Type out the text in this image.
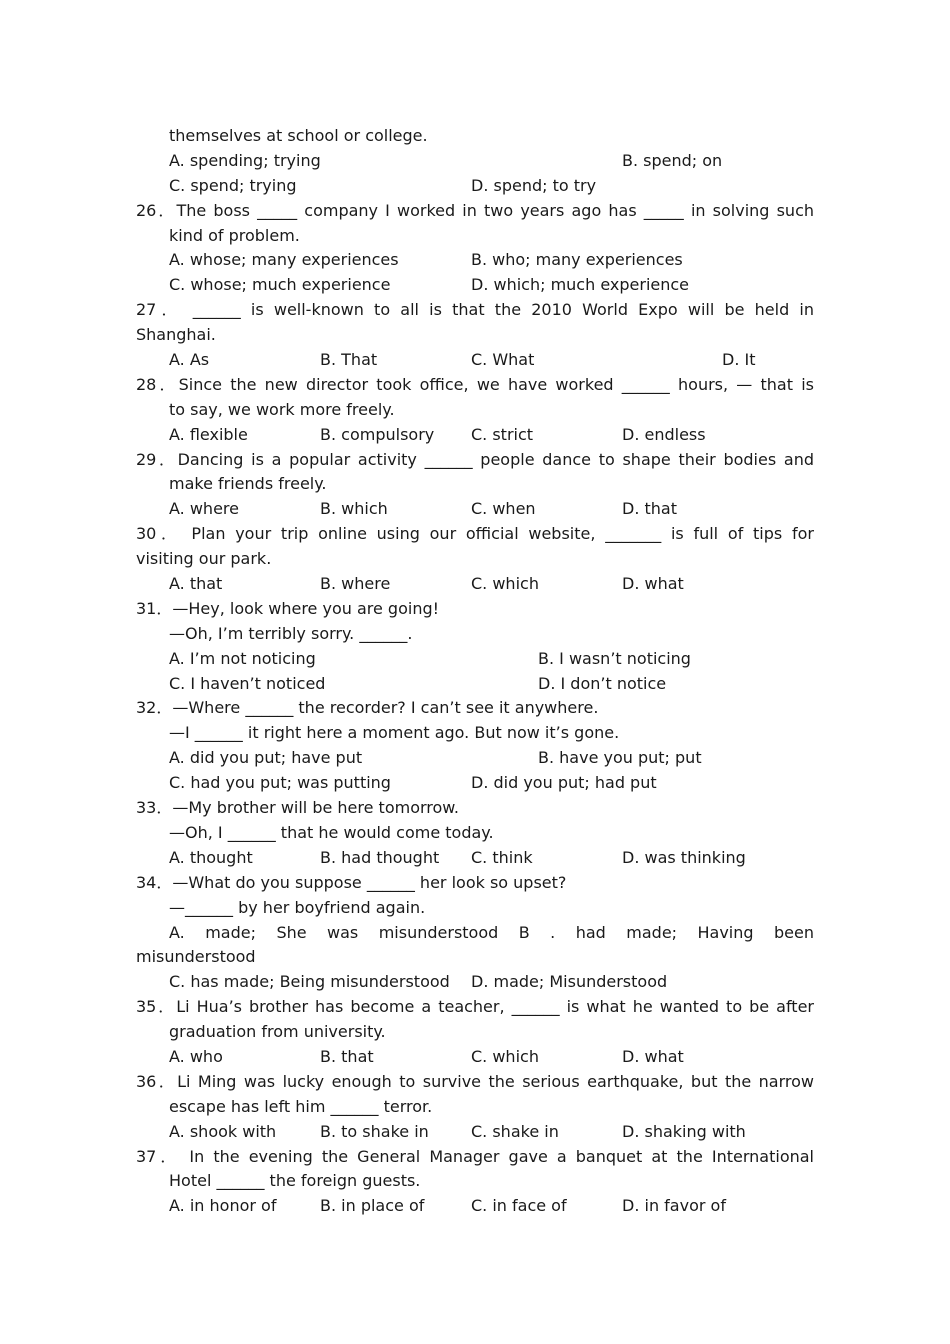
themselves at school or college.
A. spending; trying	B. spend; on
C. spend; trying	D. spend; to try
26．The boss _____ company I worked in two years ago has _____ in solving such
kind of problem.
A. whose; many experiences	B. who; many experiences
C. whose; much experience	D. which; much experience
27． ______ is well-known to all is that the 2010 World Expo will be held in
Shanghai.
A. As	B. That	C. What	D. It
28．Since the new director took office, we have worked ______ hours, — that is
to say, we work more freely.
A. flexible	B. compulsory C. strict	D. endless
29．Dancing is a popular activity ______ people dance to shape their bodies and
make friends freely.
A. where	B. which	C. when	D. that
30． Plan your trip online using our official website, _______ is full of tips for
visiting our park.
A. that	B. where	C. which	D. what
31．—Hey, look where you are going!
—Oh, I’m terribly sorry. ______.
A. I’m not noticing	B. I wasn’t noticing
C. I haven’t noticed	D. I don’t notice
32．—Where ______ the recorder? I can’t see it anywhere.
—I ______ it right here a moment ago. But now it’s gone.
A. did you put; have put	B. have you put; put
C. had you put; was putting	D. did you put; had put
33．—My brother will be here tomorrow.
—Oh, I ______ that he would come today.
A. thought	B. had thought C. think	D. was thinking
34．—What do you suppose ______ her look so upset?
—______ by her boyfriend again.
A. made; She was misunderstood B . had made; Having been
misunderstood
C. has made; Being misunderstood D. made; Misunderstood
35．Li Hua’s brother has become a teacher, ______ is what he wanted to be after
graduation from university.
A. who	B. that	C. which	D. what
36．Li Ming was lucky enough to survive the serious earthquake, but the narrow
escape has left him ______ terror.
A. shook with	B. to shake in	C. shake in	D. shaking with
37． In the evening the General Manager gave a banquet at the International
Hotel ______ the foreign guests.
A. in honor of	B. in place of	C. in face of	D. in favor of
